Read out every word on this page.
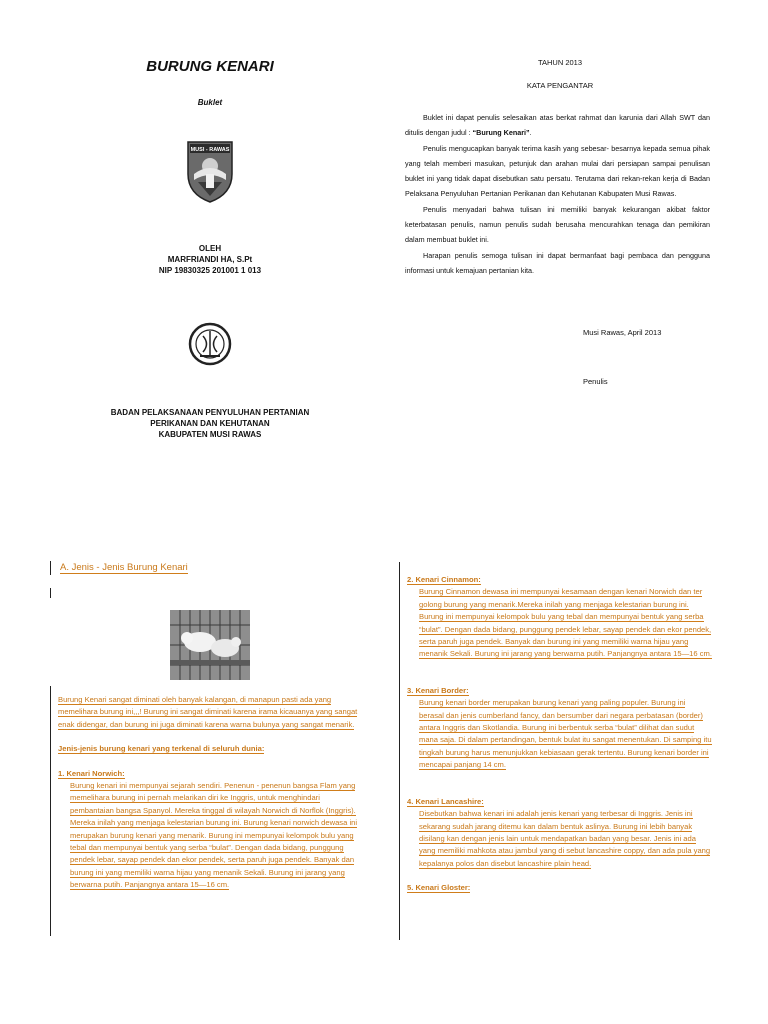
BURUNG KENARI
Buklet
MUSI - RAWAS
OLEH
MARFRIANDI HA, S.Pt
NIP 19830325 201001 1 013
BADAN PELAKSANAAN PENYULUHAN PERTANIAN
PERIKANAN DAN KEHUTANAN
KABUPATEN MUSI RAWAS
TAHUN 2013
KATA PENGANTAR

Buklet ini dapat penulis selesaikan atas berkat rahmat dan karunia dari Allah SWT dan ditulis dengan judul : “Burung Kenari”.

Penulis mengucapkan banyak terima kasih yang sebesar- besarnya kepada semua pihak yang telah memberi masukan, petunjuk dan arahan mulai dari persiapan sampai penulisan buklet ini yang tidak dapat disebutkan satu persatu. Terutama dari rekan-rekan kerja di Badan Pelaksana Penyuluhan Pertanian Perikanan dan Kehutanan Kabupaten Musi Rawas.

Penulis menyadari bahwa tulisan ini memiliki banyak kekurangan akibat faktor keterbatasan penulis, namun penulis sudah berusaha mencurahkan tenaga dan pemikiran dalam membuat buklet ini.

Harapan penulis semoga tulisan ini dapat bermanfaat bagi pembaca dan pengguna informasi untuk kemajuan pertanian kita.

Musi Rawas, April 2013
Penulis
A. Jenis - Jenis Burung Kenari
Burung Kenari sangat diminati oleh banyak kalangan, di manapun pasti ada yang memelihara burung ini,,,! Burung ini sangat diminati karena irama kicauanya yang sangat enak didengar, dan burung ini juga diminati karena warna bulunya yang sangat menarik.
Jenis-jenis burung kenari yang terkenal di seluruh dunia:
1. Kenari Norwich:
Burung kenari ini mempunyai sejarah sendiri. Penenun - penenun bangsa Flam yang memelihara burung ini pernah melarikan diri ke Inggris, untuk menghindari pembantaian bangsa Spanyol. Mereka tinggal di wilayah Norwich di Norflok (Inggris). Mereka inilah yang menjaga kelestarian burung ini. Burung kenari norwich dewasa ini merupakan burung kenari yang menarik. Burung ini mempunyai kelompok bulu yang tebal dan mempunyai bentuk yang serba “bulat”. Dengan dada bidang, punggung pendek lebar, sayap pendek dan ekor pendek, serta paruh juga pendek. Banyak dan burung ini yang memiliki warna hijau yang menanik Sekali. Burung ini jarang yang berwarna putih. Panjangnya antara 15—16 cm.
2. Kenari Cinnamon:
Burung Cinnamon dewasa ini mempunyai kesamaan dengan kenari Norwich dan ter golong burung yang menarik.Mereka inilah yang menjaga kelestarian burung ini. Burung ini mempunyai kelompok bulu yang tebal dan mempunyai bentuk yang serba “bulat”. Dengan dada bidang, punggung pendek lebar, sayap pendek dan ekor pendek, serta paruh juga pendek. Banyak dan burung ini yang memiliki warna hijau yang menanik Sekali. Burung ini jarang yang berwarna putih. Panjangnya antara 15—16 cm.
3. Kenari Border:
Burung kenari border merupakan burung kenari yang paling populer. Burung ini berasal dan jenis cumberland fancy, dan bersumber dari negara perbatasan (border) antara Inggris dan Skotlandia. Burung ini berbentuk serba “bulat” dilihat dan sudut mana saja. Di dalam pertandingan, bentuk bulat itu sangat menentukan. Di samping itu tingkah burung harus menunjukkan kebiasaan gerak tertentu. Burung kenari border ini mencapai panjang 14 cm.
4. Kenari Lancashire:
Disebutkan bahwa kenari ini adalah jenis kenari yang terbesar di Inggris. Jenis ini sekarang sudah jarang ditemu kan dalam bentuk aslinya. Burung ini lebih banyak disilang kan dengan jenis lain untuk mendapatkan badan yang besar. Jenis ini ada yang memiliki mahkota atau jambul yang di sebut lancashire coppy, dan ada pula yang kepalanya polos dan disebut lancashire plain head.
5. Kenari Gloster:
